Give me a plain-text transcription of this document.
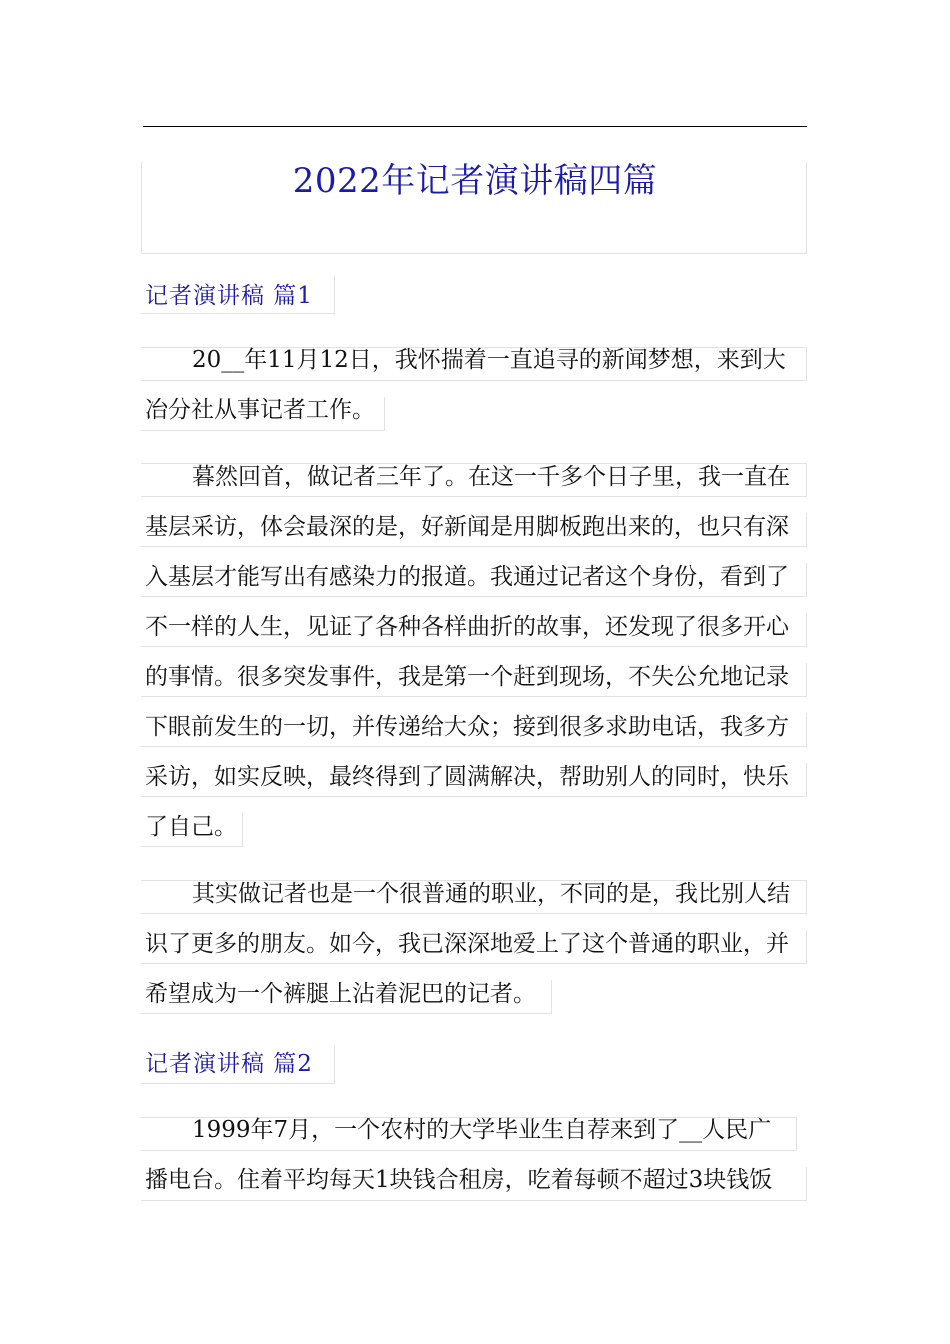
2022年记者演讲稿四篇
记者演讲稿 篇1
20__年11月12日，我怀揣着一直追寻的新闻梦想，来到大
冶分社从事记者工作。
暮然回首，做记者三年了。在这一千多个日子里，我一直在
基层采访，体会最深的是，好新闻是用脚板跑出来的，也只有深
入基层才能写出有感染力的报道。我通过记者这个身份，看到了
不一样的人生，见证了各种各样曲折的故事，还发现了很多开心
的事情。很多突发事件，我是第一个赶到现场，不失公允地记录
下眼前发生的一切，并传递给大众；接到很多求助电话，我多方
采访，如实反映，最终得到了圆满解决，帮助别人的同时，快乐
了自己。
其实做记者也是一个很普通的职业，不同的是，我比别人结
识了更多的朋友。如今，我已深深地爱上了这个普通的职业，并
希望成为一个裤腿上沾着泥巴的记者。
记者演讲稿 篇2
1999年7月，一个农村的大学毕业生自荐来到了__人民广
播电台。住着平均每天1块钱合租房，吃着每顿不超过3块钱饭
